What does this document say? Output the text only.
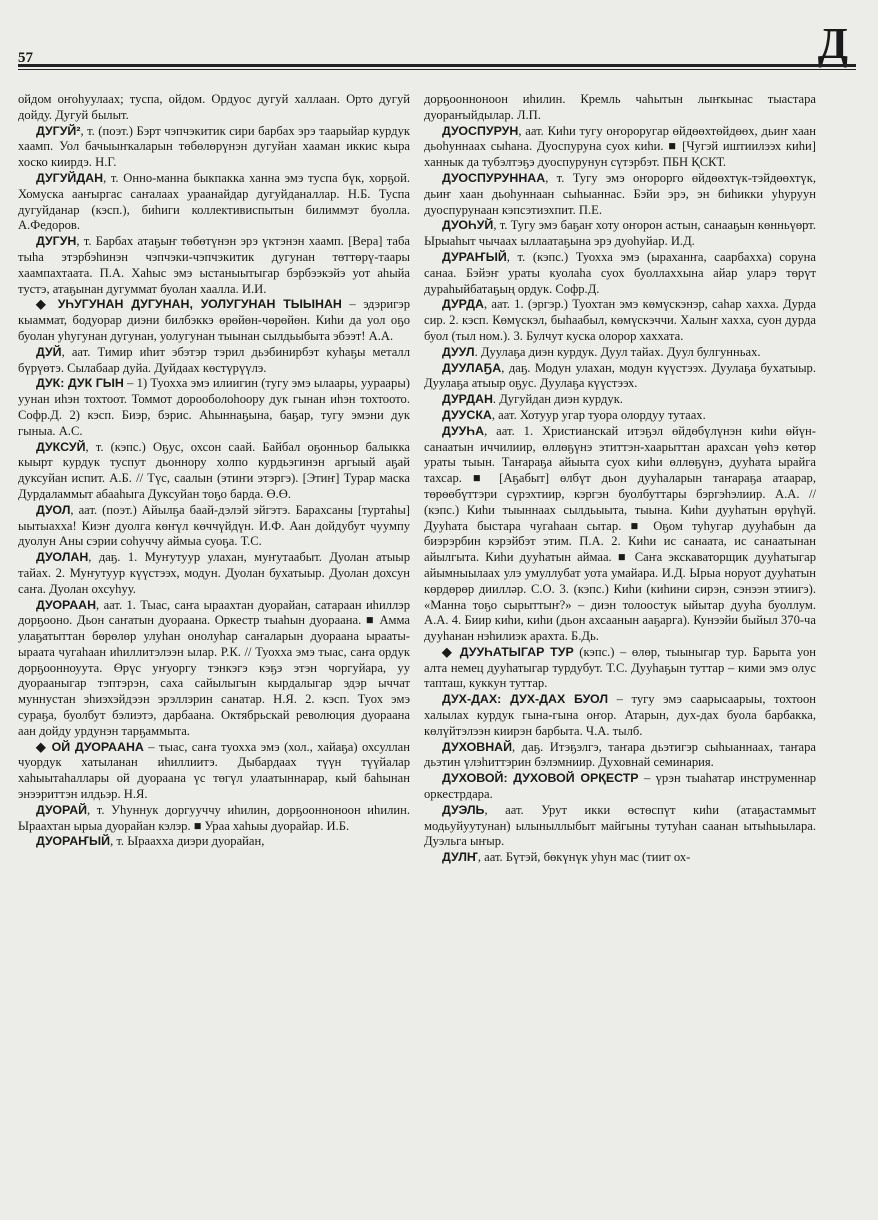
57	Д

ойдом оҥоһуулаах; туспа, ойдом. Ордуос дугуй халлаан. Орто дугуй дойду. Дугуй былыт.

ДУГУЙ², т. (поэт.) Бэрт чэпчэкитик сири барбах эрэ таарыйар курдук хаамп. Уол бачыыҥкаларын төбөлөрүнэн дугуйан хааман иккис кыра хоско киирдэ. Н.Г.

ДУГУЙДАН, т. Онно-манна быкпакка ханна эмэ туспа бүк, хорҕой. Хомуска ааҥыргас саҥалаах ураанайдар дугуйданаллар. Н.Б. Туспа дугуйданар (кэсп.), биһиги коллективиспытын билиммэт буолла. А.Федоров.

ДУГУН, т. Барбах атаҕыҥ төбөтүнэн эрэ үктэнэн хаамп. [Вера] таба тыһа этэрбэһинэн чэпчэки-чэпчэкитик дугунан төттөрү-таары хаампахтаата. П.А. Хаһыс эмэ ыстаныытыгар бэрбээкэйэ уот аһыйа тустэ, атаҕынан дугуммат буолан хаалла. И.И.

◆ УҺУГУНАН ДУГУНАН, УОЛУГУНАН ТЫЫНАН – эдэригэр кыаммат, бодуорар диэни билбэккэ өрөйөн-чөрөйөн. Киһи да уол оҕо буолан уһугунан дугунан, уолугунан тыынан сылдьыбыта эбээт! А.А.

ДУЙ, аат. Тимир иһит эбэтэр тэрил дьэбинирбэт куһаҕы металл бүрүөтэ. Сылабаар дуйа. Дуйдаах көстүрүүлэ.

ДУК: ДУК ГЫН – 1) Туохха эмэ илиигин (тугу эмэ ылаары, уураары) уунан иһэн тохтоот. Томмот дорооболоһоору дук гынан иһэн тохтоото. Софр.Д. 2) кэсп. Биэр, бэрис. Аһыннаҕына, баҕар, тугу эмэни дук гыныа. А.С.

ДУКСУЙ, т. (кэпс.) Оҕус, охсон саай. Байбал оҕонньор балыкка кыырт курдук туспут дьоннору холпо курдьэгинэн аргыый аҕай дуксуйан испит. А.Б. // Түс, саалын (этиҥи этэргэ). [Этиҥ] Турар маска Дурдаламмыт абааһыга Дуксуйан тоҕо барда. Ө.Ө.

ДУОЛ, аат. (поэт.) Айылҕа баай-дэлэй эйгэтэ. Барахсаны [туртаһы] ыытыахха! Киэҥ дуолга көҥүл көччүйдүн. И.Ф. Аан дойдубут чуумпу дуолун Аны сэрии соһуччу аймыа суоҕа. Т.С.

ДУОЛАН, даҕ. 1. Муҥутуур улахан, муҥутаабыт. Дуолан атыыр тайах. 2. Муҥутуур күүстээх, модун. Дуолан бухатыыр. Дуолан дохсун саҥа. Дуолан охсуһуу.

ДУОРААН, аат. 1. Тыас, саҥа ыраахтан дуорайан, сатараан иһиллэр дорҕооно. Дьон саҥатын дуораана. Оркестр тыаһын дуораана. ■ Амма улаҕатыттан бөрөлөр улуһан онолуһар саҥаларын дуораана ырааты-ыраата чугаһаан иһиллитэлээн ылар. Р.К. // Туохха эмэ тыас, саҥа ордук дорҕоонноуута. Өрүс уҥуоргу тэнкэгэ кэҕэ этэн чоргуйара, уу дуорааныгар тэптэрэн, саха сайылыгын кырдалыгар эдэр ыччат муннустан эһиэхэйдээн эрэллэрин санатар. Н.Я. 2. кэсп. Туох эмэ сураҕа, буолбут бэлиэтэ, дарбаана. Октябрьскай революция дуораана аан дойду урдунэн тарҕаммыта.

◆ ОЙ ДУОРААНА – тыас, саҥа туохха эмэ (хол., хайаҕа) охсуллан чуордук хатыланан иһиллиитэ. Дыбардаах түүн түүйалар хаһыытаһаллары ой дуораана үс төгүл улаатыннарар, кый баһынан энээриттэн илдьэр. Н.Я.

ДУОРАЙ, т. Уһуннук доргууччу иһилин, дорҕоонноноон иһилин. Ыраахтан ырыа дуорайан кэлэр. ■ Ураа хаһыы дуорайар. И.Б.

ДУОРАҤЫЙ, т. Ыраахха диэри дуорайан,

дорҕоонноноон иһилин. Кремль чаһытын лыҥкынас тыастара дуораҥыйдылар. Л.П.

ДУОСПУРУН, аат. Киһи тугу оҥороругар өйдөөхтөйдөөх, дьиҥ хаан дьоһуннаах сыһана. Дуоспуруна суох киһи. ■ [Чугэй иштиилээх киһи] ханнык да тубэлтэҕэ дуоспурунун сүтэрбэт. ПБН ҚСКТ.

ДУОСПУРУННАА, т. Тугу эмэ оҥорорго өйдөөхтүк-тэйдөөхтүк, дьиҥ хаан дьоһуннаан сыһыаннас. Бэйи эрэ, эн биһикки уһуруун дуоспурунаан кэпсэтиэхпит. П.Е.

ДУОҺУЙ, т. Тугу эмэ баҕаҥ хоту оҥорон астын, санааҕын көнньүөрт. Ырыаһыт чычаах ыллаатаҕына эрэ дуоһуйар. И.Д.

ДУРАҤЫЙ, т. (кэпс.) Туохха эмэ (ыраханҥа, саарбахха) соруна санаа. Бэйэҥ ураты куолаһа суох буоллаххына айар уларэ төрүт дураһыйбатаҕың ордук. Софр.Д.

ДУРДА, аат. 1. (эргэр.) Туохтан эмэ көмүскэнэр, саһар хахха. Дурда сир. 2. кэсп. Көмүскэл, быһаабыл, көмүскэччи. Халыҥ хахха, суон дурда буол (тыл ном.). 3. Булчут куска олорор хаххата.

ДУУЛ. Дуулаҕа диэн курдук. Дуул тайах. Дуул булгунньах.

ДУУЛАҔА, даҕ. Модун улахан, модун күүстээх. Дуулаҕа бухатыыр. Дуулаҕа атыыр оҕус. Дуулаҕа күүстээх.

ДУРДАН. Дугуйдан диэн курдук.

ДУУСКА, аат. Хотуур угар туора олордуу тутаах.

ДУУҺА, аат. 1. Христианскай итэҕэл өйдөбүлүнэн киһи өйүн-санаатын иччилиир, өллөҕүнэ этиттэн-хаарыттан арахсан үөһэ көтөр ураты тыын. Таҥараҕа айыыта суох киһи өллөҕүнэ, дууһата ырайга тахсар. ■ [Аҕабыт] өлбүт дьон дууһаларын таҥараҕа атаарар, төрөөбүттэри сүрэхтиир, кэргэн буолбуттары бэргэһэлиир. А.А. // (кэпс.) Киһи тыыннаах сылдьыыта, тыына. Киһи дууһатын өрүһүй. Дууһата быстара чугаһаан сытар. ■ Оҕом туһугар дууһабын да биэрэрбин кэрэйбэт этим. П.А. 2. Киһи ис санаата, ис санаатынан айылгыта. Киһи дууһатын аймаа. ■ Саҥа экскаваторщик дууһатыгар айымныылаах улэ умуллубат уота умайара. И.Д. Ырыа норуот дууһатын көрдөрөр диилләр. С.О. 3. (кэпс.) Киһи (киһини сирэн, сэнээн этиигэ). «Манна тоҕо сырыттыҥ?» – диэн толоостук ыйытар дууһа буоллум. А.А. 4. Биир киһи, киһи (дьон ахсаанын ааҕарга). Кунээйи быйыл 370-ча дууһанан нэһилиэк арахта. Б.Дь.

◆ ДУУҺАТЫГАР ТУР (кэпс.) – өлөр, тыыныгар тур. Барыта уон алта немец дууһатыгар турдубут. Т.С. Дууһаҕын туттар – кими эмэ олус тапташ, куккун туттар.

ДУХ-ДАХ: ДУХ-ДАХ БУОЛ – тугу эмэ саарысаарыы, тохтоон халылах курдук гына-гына оҥор. Атарын, дух-дах буола барбакка, көлүйтэлээн киирэн барбыта. Ч.А. тылб.

ДУХОВНАЙ, даҕ. Итэҕэлгэ, таҥара дьэтигэр сыһыаннаах, таҥара дьэтин үлэһиттэрин бэлэмниир. Духовнай семинария.

ДУХОВОЙ: ДУХОВОЙ ОРҚЕСТР – үрэн тыаһатар инструменнар оркестрдара.

ДУЭЛЬ, аат. Урут икки өстөспүт киһи (атаҕастаммыт модьуйуутунан) ылыныллыбыт майгыны тутуһан саанан ытыһыылара. Дуэльга ыҥыр.

ДУЛҤ, аат. Бүтэй, бөкүнүк уһун мас (тиит ох-
